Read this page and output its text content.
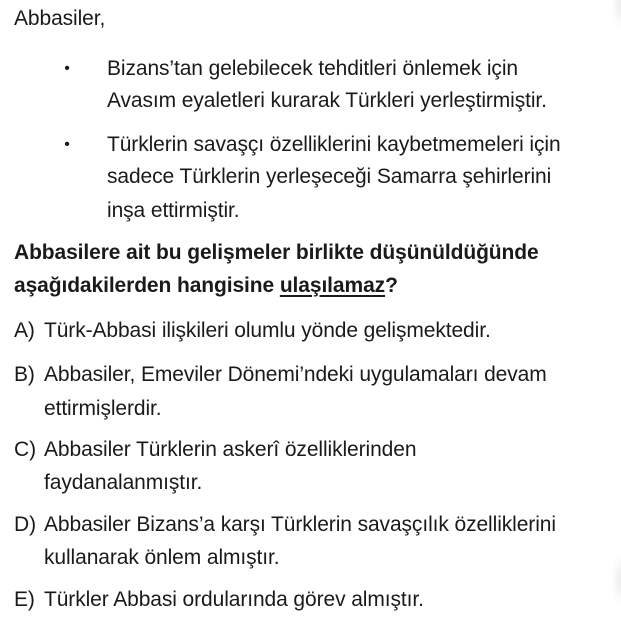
Abbasiler,
• Bizans’tan gelebilecek tehditleri önlemek için
Avasım eyaletleri kurarak Türkleri yerleştirmiştir.
• Türklerin savaşçı özelliklerini kaybetmemeleri için
sadece Türklerin yerleşeceği Samarra şehirlerini
inşa ettirmiştir.
Abbasilere ait bu gelişmeler birlikte düşünüldüğünde
aşağıdakilerden hangisine ulaşılamaz?
A) Türk-Abbasi ilişkileri olumlu yönde gelişmektedir.
B) Abbasiler, Emeviler Dönemi’ndeki uygulamaları devam
ettirmişlerdir.
C) Abbasiler Türklerin askerî özelliklerinden
faydanalanmıştır.
D) Abbasiler Bizans’a karşı Türklerin savaşçılık özelliklerini
kullanarak önlem almıştır.
E) Türkler Abbasi ordularında görev almıştır.
